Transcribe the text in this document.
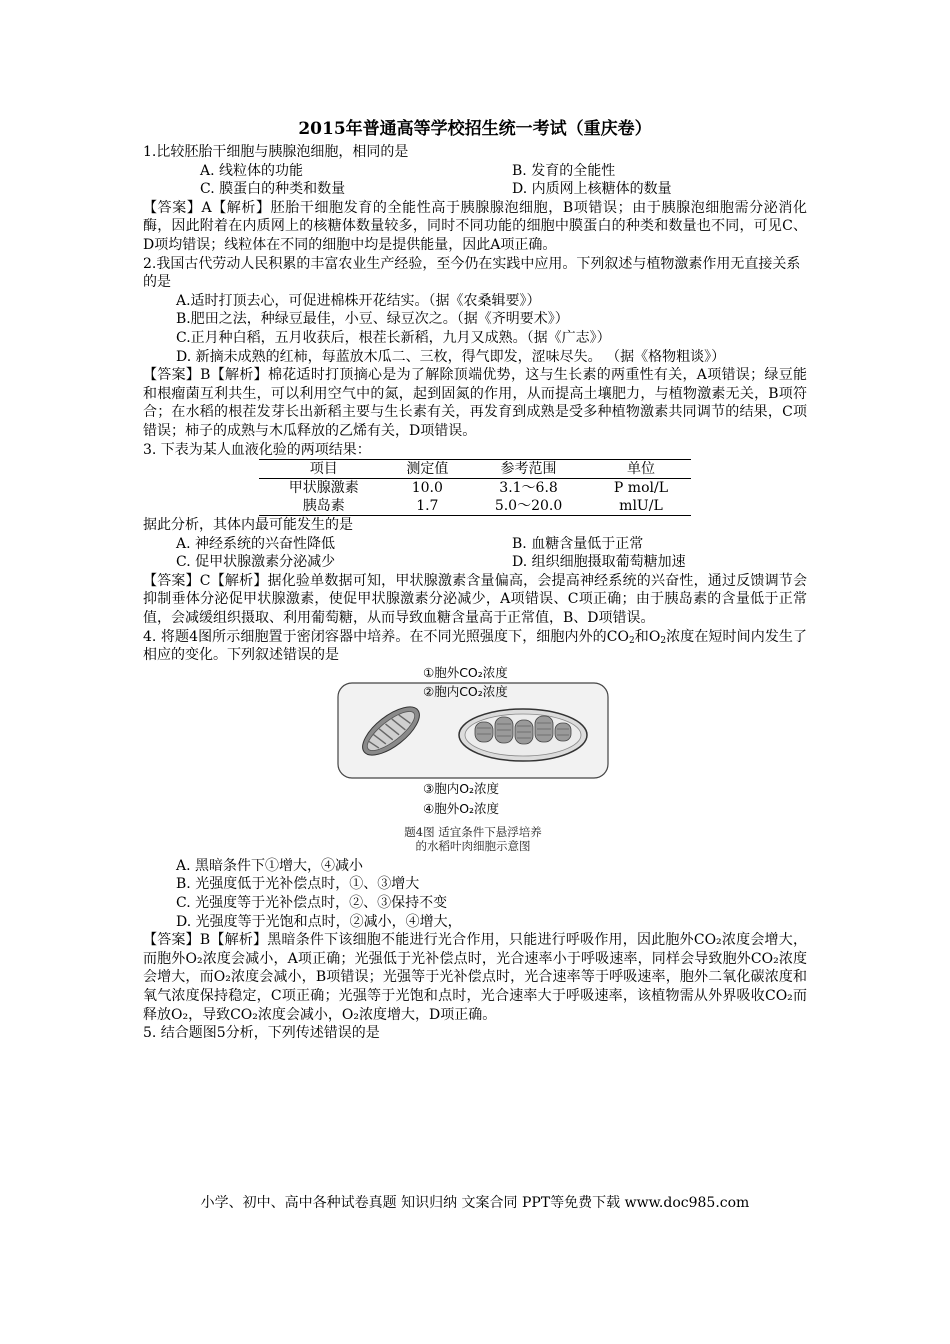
2015年普通高等学校招生统一考试（重庆卷）

1.比较胚胎干细胞与胰腺泡细胞，相同的是

A. 线粒体的功能	B. 发育的全能性
C. 膜蛋白的种类和数量	D. 内质网上核糖体的数量

【答案】A【解析】胚胎干细胞发育的全能性高于胰腺腺泡细胞，B项错误；由于胰腺泡细胞需分泌消化酶，因此附着在内质网上的核糖体数量较多，同时不同功能的细胞中膜蛋白的种类和数量也不同，可见C、D项均错误；线粒体在不同的细胞中均是提供能量，因此A项正确。

2.我国古代劳动人民积累的丰富农业生产经验，至今仍在实践中应用。下列叙述与植物激素作用无直接关系的是

A.适时打顶去心，可促进棉株开花结实。（据《农桑辑要》）

B.肥田之法，种绿豆最佳，小豆、绿豆次之。（据《齐明要术》）

C.正月种白稻，五月收获后，根茬长新稻，九月又成熟。（据《广志》）

D. 新摘未成熟的红柿，每蓝放木瓜二、三枚，得气即发，涩味尽失。 （据《格物粗谈》）

【答案】B【解析】棉花适时打顶摘心是为了解除顶端优势，这与生长素的两重性有关，A项错误；绿豆能和根瘤菌互利共生，可以利用空气中的氮，起到固氮的作用，从而提高土壤肥力，与植物激素无关，B项符合；在水稻的根茬发芽长出新稻主要与生长素有关，再发育到成熟是受多种植物激素共同调节的结果，C项错误；柿子的成熟与木瓜释放的乙烯有关，D项错误。

3. 下表为某人血液化验的两项结果：

项目	测定值	参考范围	单位
甲状腺激素	10.0	3.1～6.8	P mol/L
胰岛素	1.7	5.0～20.0	mlU/L

据此分析，其体内最可能发生的是

A. 神经系统的兴奋性降低	B. 血糖含量低于正常
C. 促甲状腺激素分泌减少	D. 组织细胞摄取葡萄糖加速

【答案】C【解析】据化验单数据可知，甲状腺激素含量偏高，会提高神经系统的兴奋性，通过反馈调节会抑制垂体分泌促甲状腺激素，使促甲状腺激素分泌减少，A项错误、C项正确；由于胰岛素的含量低于正常值，会减缓组织摄取、利用葡萄糖，从而导致血糖含量高于正常值，B、D项错误。

4. 将题4图所示细胞置于密闭容器中培养。在不同光照强度下，细胞内外的$CO_2$和$O_2$浓度在短时间内发生了相应的变化。下列叙述错误的是

①胞外CO₂浓度
②胞内CO₂浓度
③胞内O₂浓度
④胞外O₂浓度
题4图 适宜条件下悬浮培养
的水稻叶肉细胞示意图

A. 黑暗条件下①增大，④减小

B. 光强度低于光补偿点时，①、③增大

C. 光强度等于光补偿点时，②、③保持不变

D. 光强度等于光饱和点时，②减小，④增大，

【答案】B【解析】黑暗条件下该细胞不能进行光合作用，只能进行呼吸作用，因此胞外CO₂浓度会增大，而胞外O₂浓度会减小，A项正确；光强低于光补偿点时，光合速率小于呼吸速率，同样会导致胞外CO₂浓度会增大，而O₂浓度会减小，B项错误；光强等于光补偿点时，光合速率等于呼吸速率，胞外二氧化碳浓度和氧气浓度保持稳定，C项正确；光强等于光饱和点时，光合速率大于呼吸速率，该植物需从外界吸收CO₂而释放O₂，导致CO₂浓度会减小，O₂浓度增大，D项正确。

5. 结合题图5分析，下列传述错误的是

小学、初中、高中各种试卷真题 知识归纳 文案合同 PPT等免费下载 www.doc985.com
